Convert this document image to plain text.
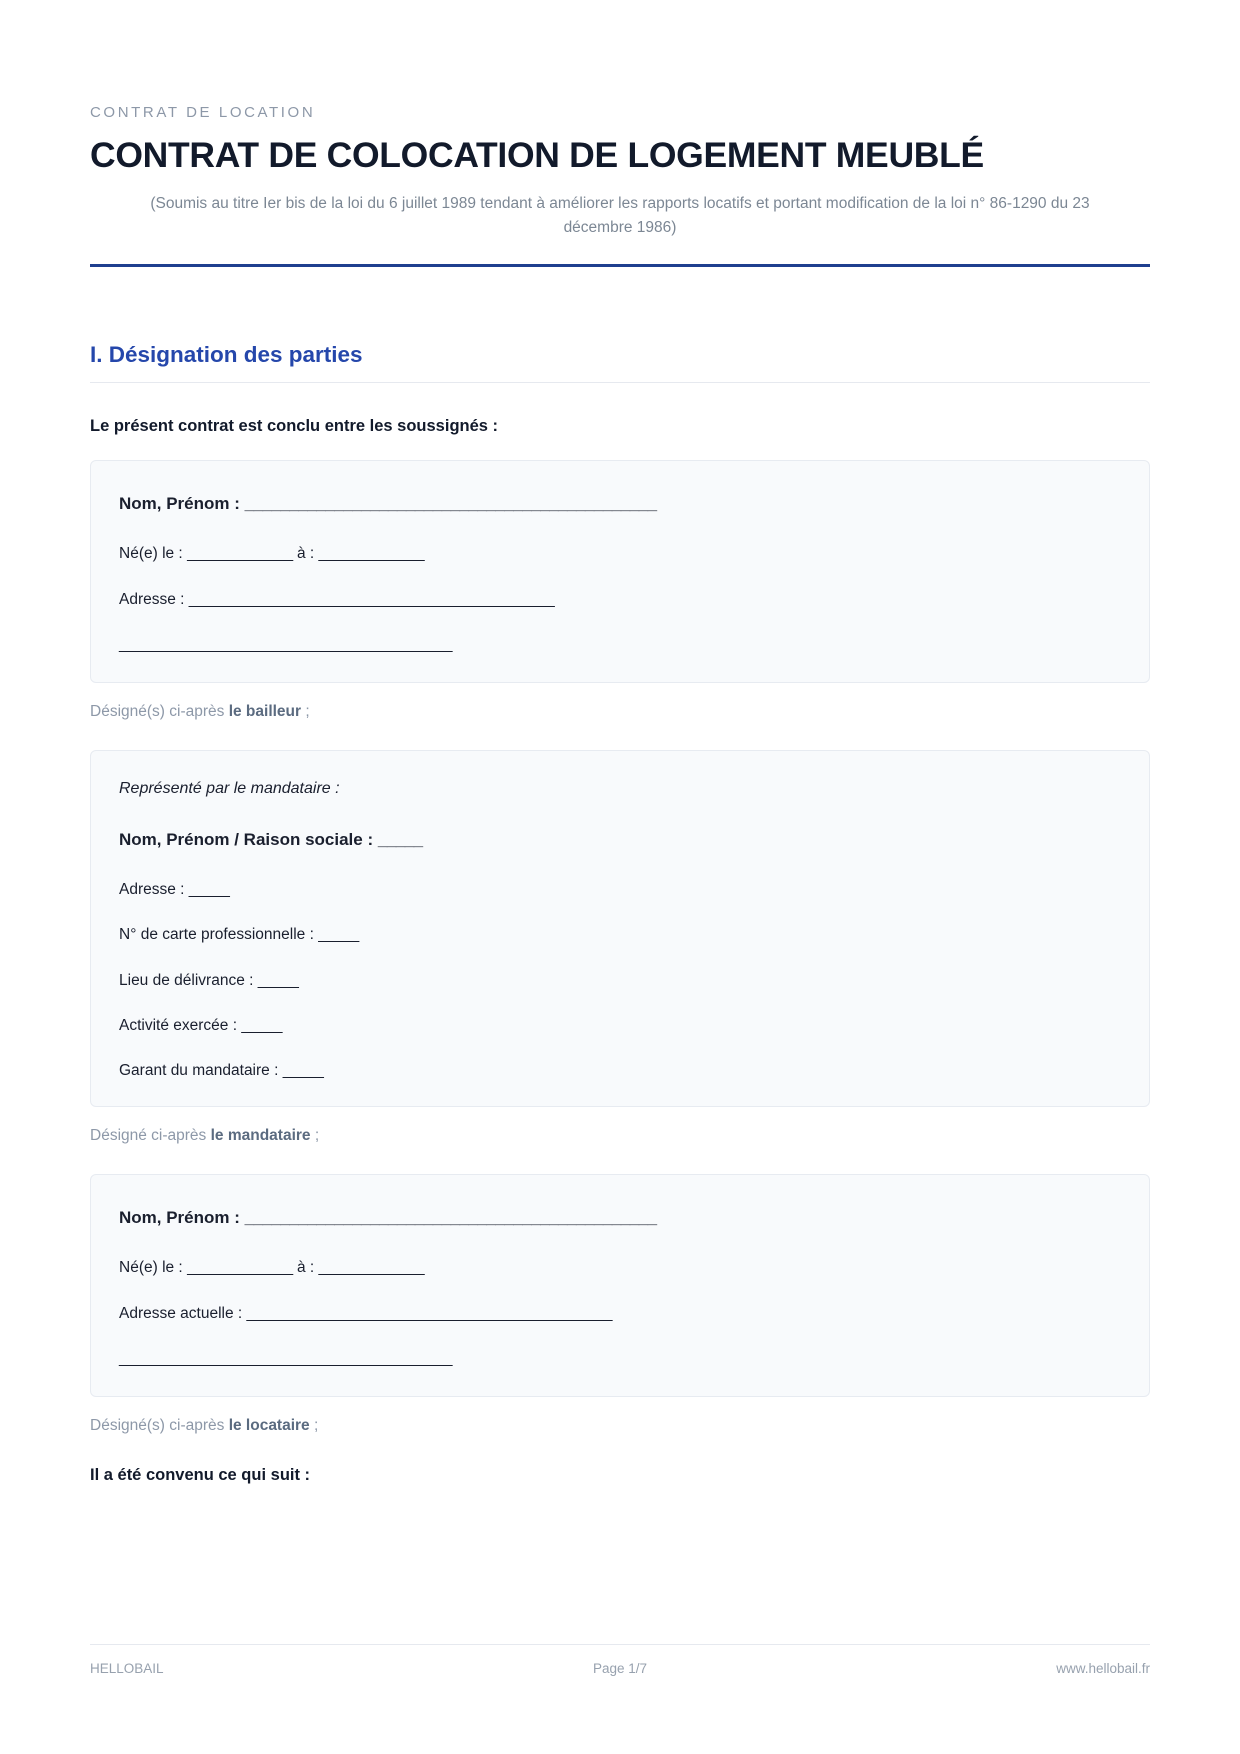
CONTRAT DE LOCATION
CONTRAT DE COLOCATION DE LOGEMENT MEUBLÉ
(Soumis au titre Ier bis de la loi du 6 juillet 1989 tendant à améliorer les rapports locatifs et portant modification de la loi n° 86-1290 du 23 décembre 1986)
I. Désignation des parties

Le présent contrat est conclu entre les soussignés :

Nom, Prénom : ______________________________________________

Né(e) le : _____________ à : _____________

Adresse : _____________________________________________

_________________________________________

Désigné(s) ci-après le bailleur ;

Représenté par le mandataire :

Nom, Prénom / Raison sociale : _____

Adresse : _____

N° de carte professionnelle : _____

Lieu de délivrance : _____

Activité exercée : _____

Garant du mandataire : _____

Désigné ci-après le mandataire ;

Nom, Prénom : ______________________________________________

Né(e) le : _____________ à : _____________

Adresse actuelle : _____________________________________________

_________________________________________

Désigné(s) ci-après le locataire ;

Il a été convenu ce qui suit :

HELLOBAIL	Page 1/7	www.hellobail.fr
